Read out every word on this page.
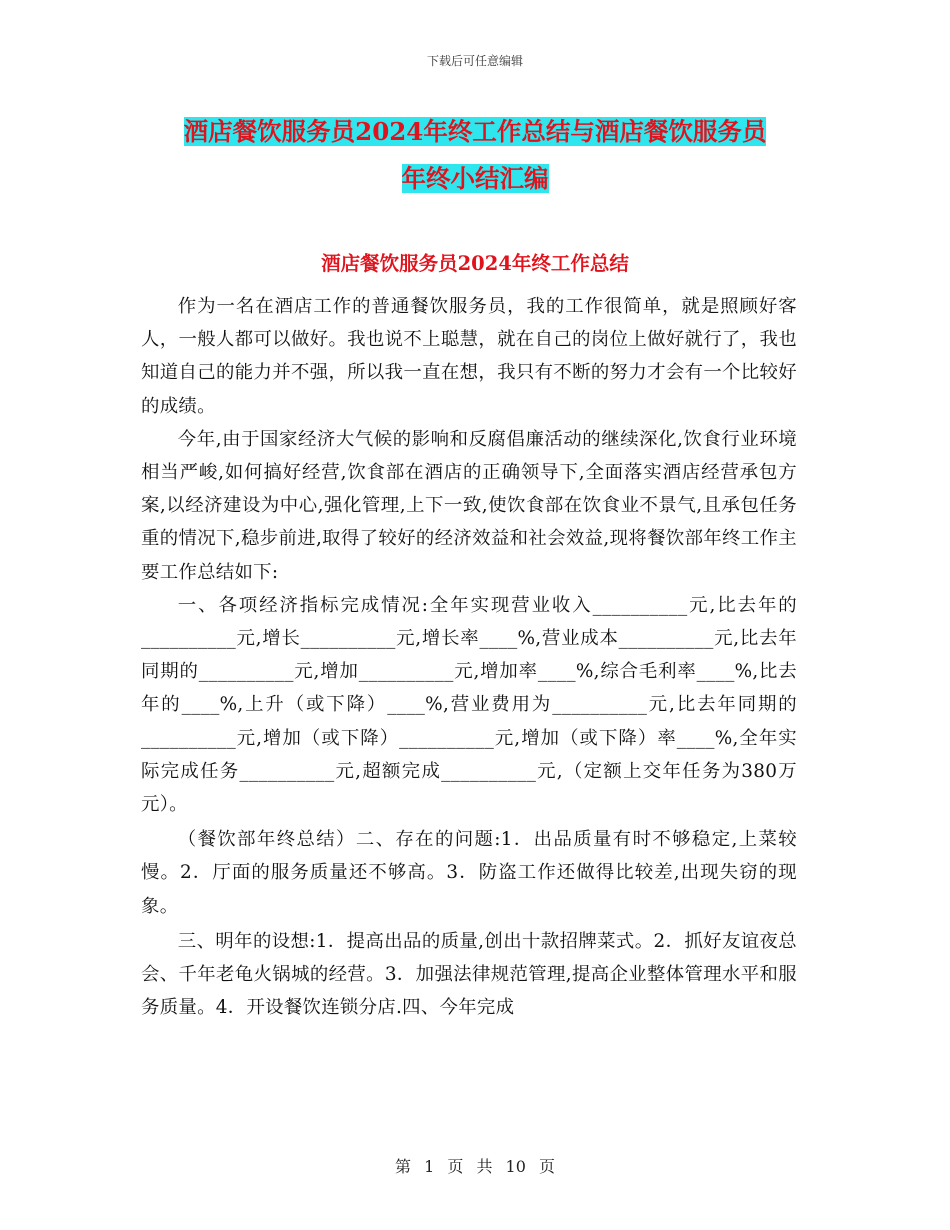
下载后可任意编辑
酒店餐饮服务员2024年终工作总结与酒店餐饮服务员
年终小结汇编
酒店餐饮服务员2024年终工作总结

作为一名在酒店工作的普通餐饮服务员，我的工作很简单，就是照顾好客人，一般人都可以做好。我也说不上聪慧，就在自己的岗位上做好就行了，我也知道自己的能力并不强，所以我一直在想，我只有不断的努力才会有一个比较好的成绩。

今年,由于国家经济大气候的影响和反腐倡廉活动的继续深化,饮食行业环境相当严峻,如何搞好经营,饮食部在酒店的正确领导下,全面落实酒店经营承包方案,以经济建设为中心,强化管理,上下一致,使饮食部在饮食业不景气,且承包任务重的情况下,稳步前进,取得了较好的经济效益和社会效益,现将餐饮部年终工作主要工作总结如下:

一、各项经济指标完成情况:全年实现营业收入__________元,比去年的__________元,增长__________元,增长率____%,营业成本__________元,比去年同期的__________元,增加__________元,增加率____%,综合毛利率____%,比去年的____%,上升（或下降）____%,营业费用为__________元,比去年同期的__________元,增加（或下降）__________元,增加（或下降）率____%,全年实际完成任务__________元,超额完成__________元,（定额上交年任务为380万元）。

（餐饮部年终总结）二、存在的问题:1．出品质量有时不够稳定,上菜较慢。2．厅面的服务质量还不够高。3．防盗工作还做得比较差,出现失窃的现象。

三、明年的设想:1．提高出品的质量,创出十款招牌菜式。2．抓好友谊夜总会、千年老龟火锅城的经营。3．加强法律规范管理,提高企业整体管理水平和服务质量。4．开设餐饮连锁分店.四、今年完成

第 1 页 共 10 页
